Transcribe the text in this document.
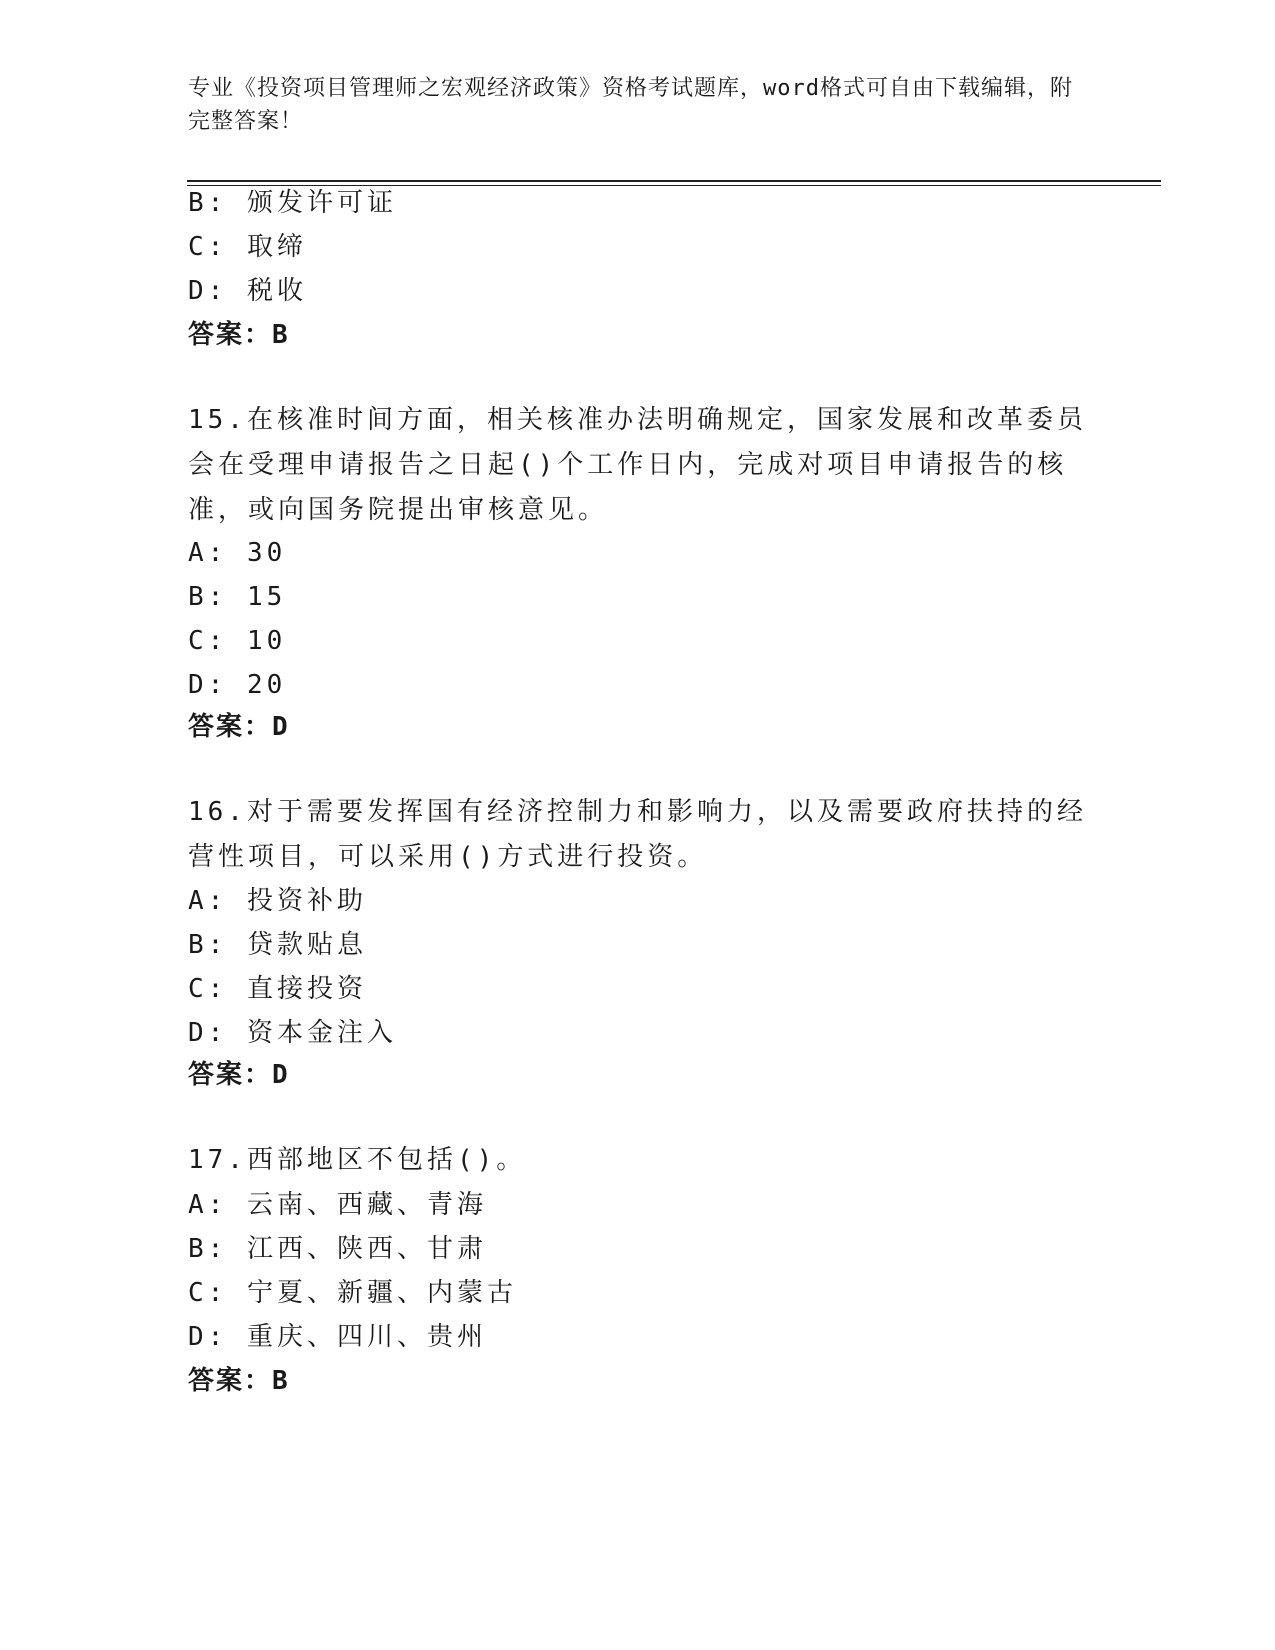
专业《投资项目管理师之宏观经济政策》资格考试题库，word格式可自由下载编辑，附完整答案！
B: 颁发许可证
C: 取缔
D: 税收
答案：B
15.在核准时间方面，相关核准办法明确规定，国家发展和改革委员会在受理申请报告之日起()个工作日内，完成对项目申请报告的核准，或向国务院提出审核意见。
A: 30
B: 15
C: 10
D: 20
答案：D
16.对于需要发挥国有经济控制力和影响力，以及需要政府扶持的经营性项目，可以采用()方式进行投资。
A: 投资补助
B: 贷款贴息
C: 直接投资
D: 资本金注入
答案：D
17.西部地区不包括()。
A: 云南、西藏、青海
B: 江西、陕西、甘肃
C: 宁夏、新疆、内蒙古
D: 重庆、四川、贵州
答案：B
